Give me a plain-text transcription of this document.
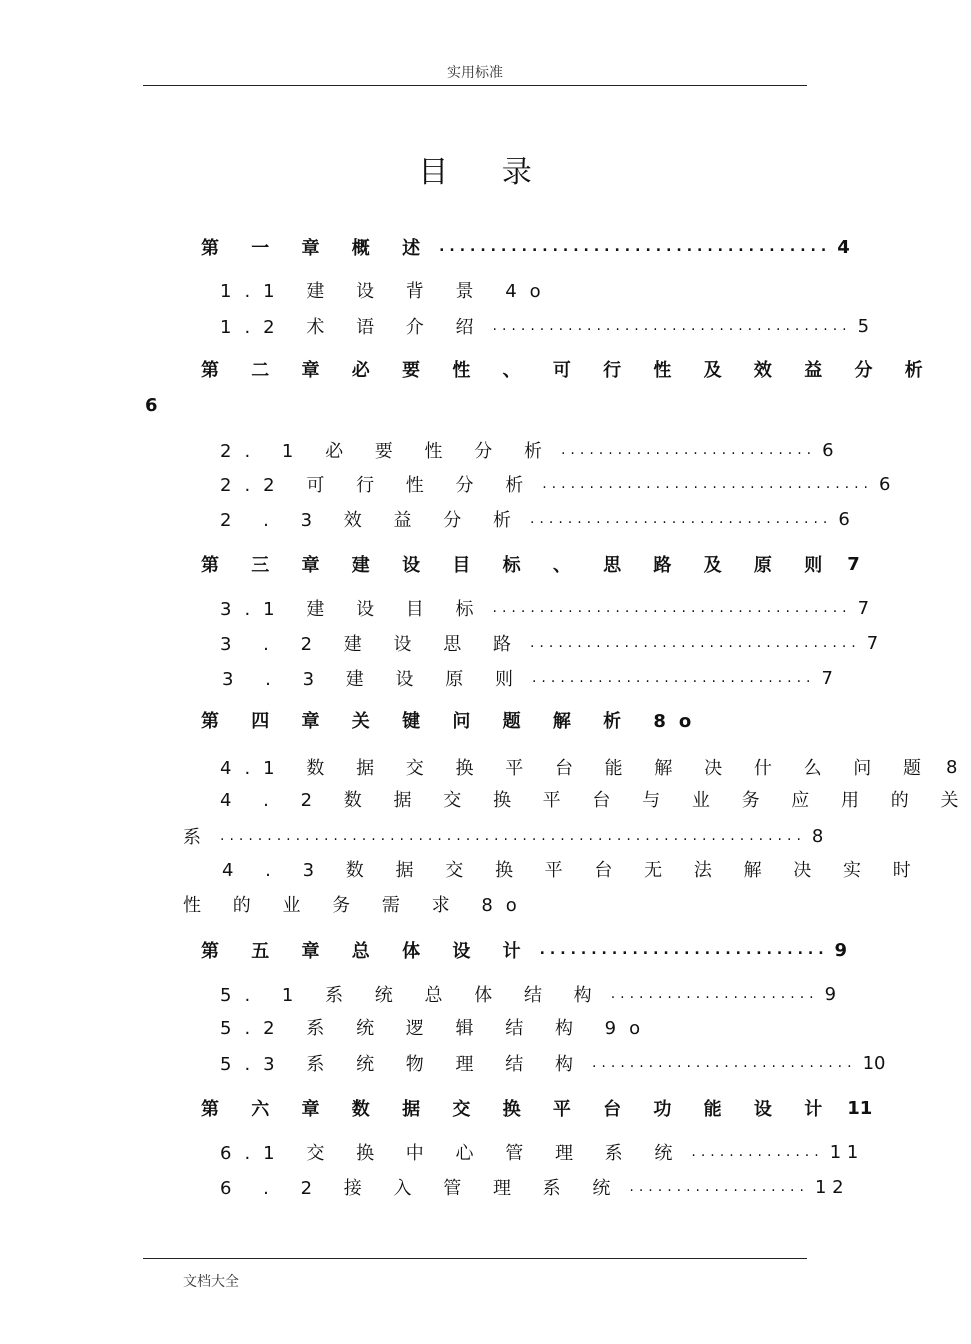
实用标准
目 录
第 一 章 概 述 ...................................... 4
1.1 建 设 背 景 4o
1.2 术 语 介 绍 ...................................... 5
第 二 章 必 要 性 、 可 行 性 及 效 益 分 析
6
2. 1 必 要 性 分 析 ........................... 6
2.2 可 行 性 分 析 ................................... 6
2 . 3 效 益 分 析 ................................ 6
第 三 章 建 设 目 标 、 思 路 及 原 则 7
3.1 建 设 目 标 ...................................... 7
3 . 2 建 设 思 路 ................................... 7
3 . 3 建 设 原 则 .............................. 7
第 四 章 关 键 问 题 解 析 8o
4.1 数 据 交 换 平 台 能 解 决 什 么 问 题 8
4 . 2 数 据 交 换 平 台 与 业 务 应 用 的 关
系 .............................................................. 8
4 . 3 数 据 交 换 平 台 无 法 解 决 实 时
性 的 业 务 需 求 8o
第 五 章 总 体 设 计 ............................ 9
5. 1 系 统 总 体 结 构 ...................... 9
5.2 系 统 逻 辑 结 构 9o
5.3 系 统 物 理 结 构 ............................ 10
第 六 章 数 据 交 换 平 台 功 能 设 计 11
6.1 交 换 中 心 管 理 系 统 .............. 1 1
6 . 2 接 入 管 理 系 统 ................... 1 2
文档大全
